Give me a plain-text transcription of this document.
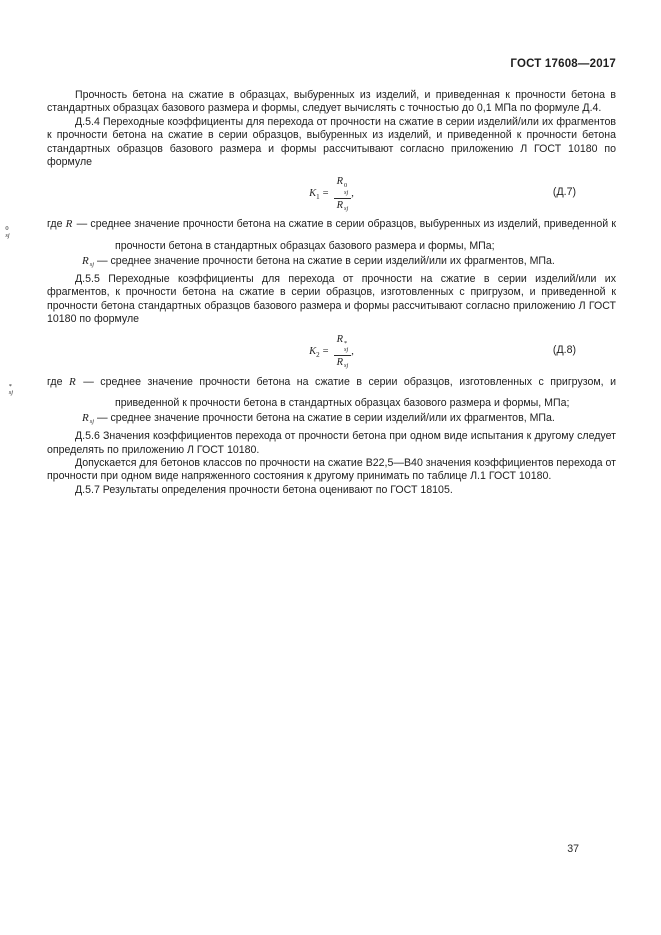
ГОСТ 17608—2017

Прочность бетона на сжатие в образцах, выбуренных из изделий, и приведенная к прочности бетона в стандартных образцах базового размера и формы, следует вычислять с точностью до 0,1 МПа по формуле Д.4.

Д.5.4 Переходные коэффициенты для перехода от прочности на сжатие в серии изделий/или их фрагментов к прочности бетона на сжатие в серии образцов, выбуренных из изделий, и приведенной к прочности бетона стандартных образцов базового размера и формы рассчитывают согласно приложению Л ГОСТ 10180 по формуле

$K_1 = R$ 0
sj
Rsj ,	(Д.7)
где R
0
sj
— среднее значение прочности бетона на сжатие в серии образцов, выбуренных из изделий, приведенной к прочности бетона в стандартных образцах базового размера и формы, МПа;
Rsj — среднее значение прочности бетона на сжатие в серии изделий/или их фрагментов, МПа.

Д.5.5 Переходные коэффициенты для перехода от прочности на сжатие в серии изделий/или их фрагментов, к прочности бетона на сжатие в серии образцов, изготовленных с пригрузом, и приведенной к прочности бетона стандартных образцов базового размера и формы рассчитывают согласно приложению Л ГОСТ 10180 по формуле

$K_2 = R$ *
sj
Rsj ,	(Д.8)
где R
*
sj
— среднее значение прочности бетона на сжатие в серии образцов, изготовленных с пригрузом, и приведенной к прочности бетона в стандартных образцах базового размера и формы, МПа;
Rsj — среднее значение прочности бетона на сжатие в серии изделий/или их фрагментов, МПа.

Д.5.6 Значения коэффициентов перехода от прочности бетона при одном виде испытания к другому следует определять по приложению Л ГОСТ 10180.

Допускается для бетонов классов по прочности на сжатие В22,5—В40 значения коэффициентов перехода от прочности при одном виде напряженного состояния к другому принимать по таблице Л.1 ГОСТ 10180.

Д.5.7 Результаты определения прочности бетона оценивают по ГОСТ 18105.

37
